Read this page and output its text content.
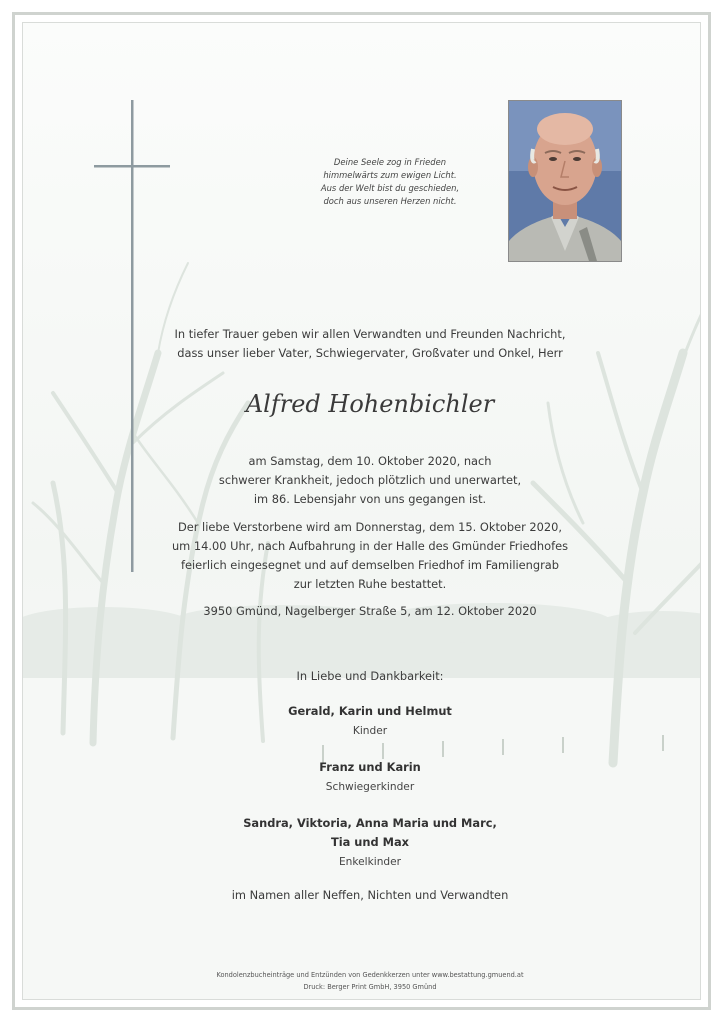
Deine Seele zog in Frieden
himmelwärts zum ewigen Licht.
Aus der Welt bist du geschieden,
doch aus unseren Herzen nicht.
In tiefer Trauer geben wir allen Verwandten und Freunden Nachricht,
dass unser lieber Vater, Schwiegervater, Großvater und Onkel, Herr
Alfred Hohenbichler
am Samstag, dem 10. Oktober 2020, nach
schwerer Krankheit, jedoch plötzlich und unerwartet,
im 86. Lebensjahr von uns gegangen ist.
Der liebe Verstorbene wird am Donnerstag, dem 15. Oktober 2020,
um 14.00 Uhr, nach Aufbahrung in der Halle des Gmünder Friedhofes
feierlich eingesegnet und auf demselben Friedhof im Familiengrab
zur letzten Ruhe bestattet.
3950 Gmünd, Nagelberger Straße 5, am 12. Oktober 2020
In Liebe und Dankbarkeit:
Gerald, Karin und Helmut
Kinder
Franz und Karin
Schwiegerkinder
Sandra, Viktoria, Anna Maria und Marc,
Tia und Max
Enkelkinder
im Namen aller Neffen, Nichten und Verwandten
Kondolenzbucheinträge und Entzünden von Gedenkkerzen unter www.bestattung.gmuend.at
Druck: Berger Print GmbH, 3950 Gmünd
